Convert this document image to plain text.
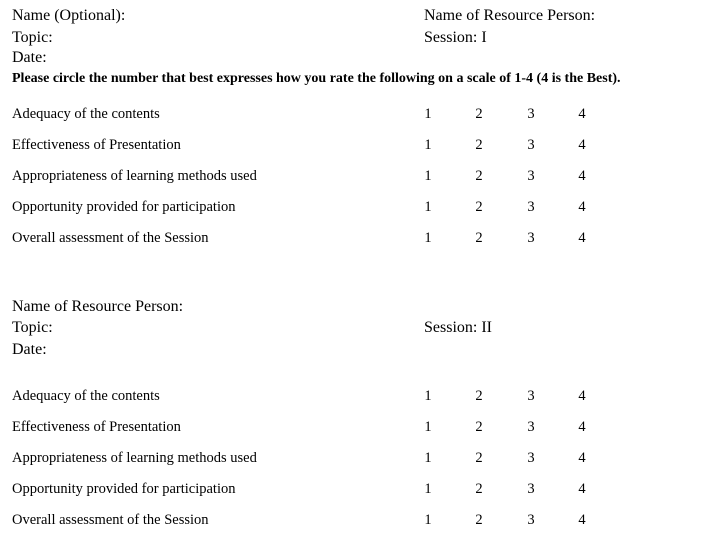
Name (Optional):
Topic:
Date:
Name of Resource Person:
Session: I
Please circle the number that best expresses how you rate the following on a scale of 1-4 (4 is the Best).
Adequacy of the contents	1	2	3	4
Effectiveness of Presentation	1	2	3	4
Appropriateness of learning methods used	1	2	3	4
Opportunity provided for participation	1	2	3	4
Overall assessment of the Session	1	2	3	4
Name of Resource Person:
Topic:
Date:
Session: II
Adequacy of the contents	1	2	3	4
Effectiveness of Presentation	1	2	3	4
Appropriateness of learning methods used	1	2	3	4
Opportunity provided for participation	1	2	3	4
Overall assessment of the Session	1	2	3	4
